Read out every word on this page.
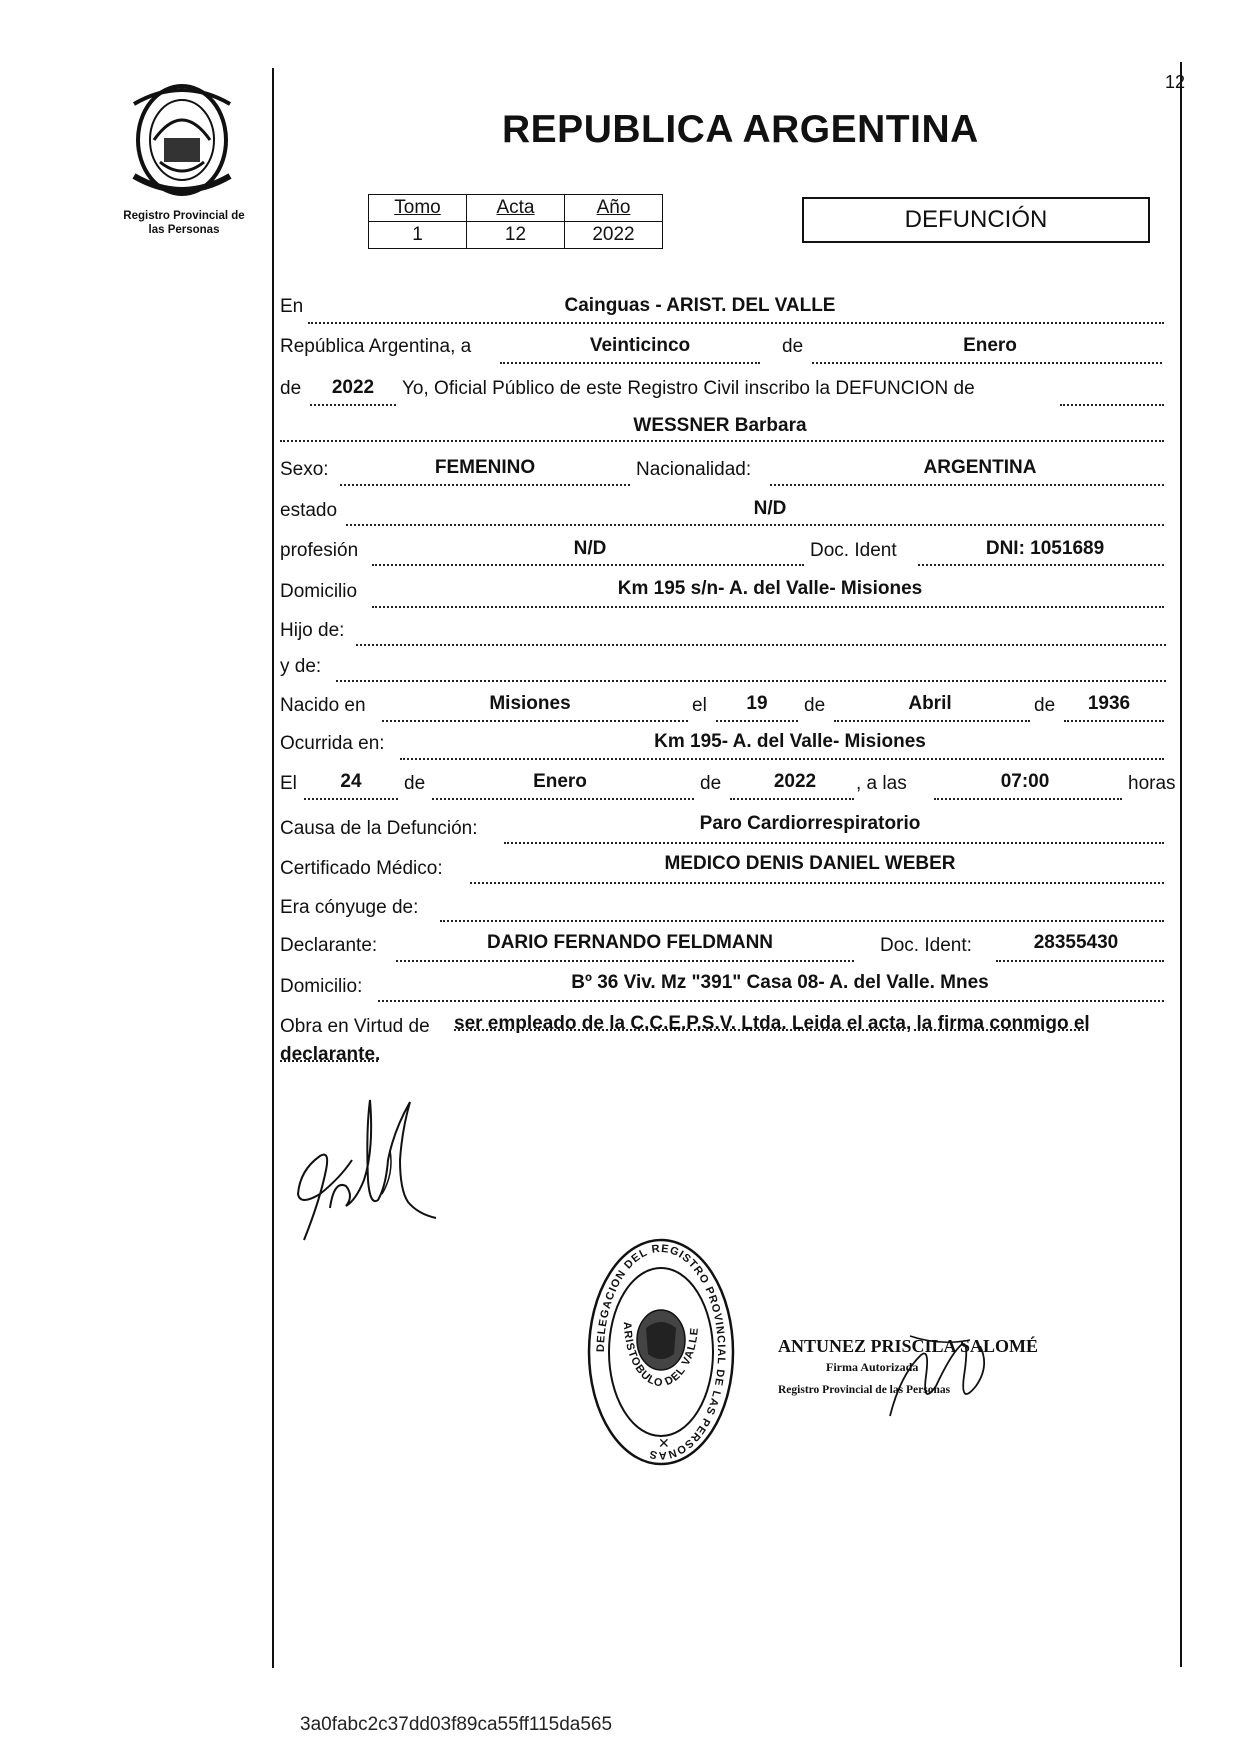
12
Registro Provincial de
las Personas
REPUBLICA ARGENTINA
Tomo	Acta	Año
1	12	2022
DEFUNCIÓN
En	Cainguas - ARIST. DEL VALLE
República Argentina, a	Veinticinco	de	Enero
de	2022	Yo, Oficial Público de este Registro Civil inscribo la DEFUNCION de
WESSNER Barbara
Sexo:	FEMENINO	Nacionalidad:	ARGENTINA
estado	N/D
profesión	N/D	Doc. Ident	DNI: 1051689
Domicilio	Km 195 s/n- A. del Valle- Misiones
Hijo de:
y de:
Nacido en	Misiones	el	19	de	Abril	de	1936
Ocurrida en:	Km 195- A. del Valle- Misiones
El	24	de	Enero	de	2022	, a las	07:00	horas
Causa de la Defunción:	Paro Cardiorrespiratorio
Certificado Médico:	MEDICO DENIS DANIEL WEBER
Era cónyuge de:
Declarante:	DARIO FERNANDO FELDMANN	Doc. Ident:	28355430
Domicilio:	Bº 36 Viv. Mz "391" Casa 08- A. del Valle. Mnes
Obra en Virtud de ser empleado de la C.C.E.P.S.V. Ltda. Leida el acta, la firma conmigo el
declarante.
DELEGACION DEL REGISTRO PROVINCIAL DE LAS PERSONAS
ARISTOBULO DEL VALLE
✕
ANTUNEZ PRISCILA SALOMÉ
Firma Autorizada
Registro Provincial de las Personas
3a0fabc2c37dd03f89ca55ff115da565
